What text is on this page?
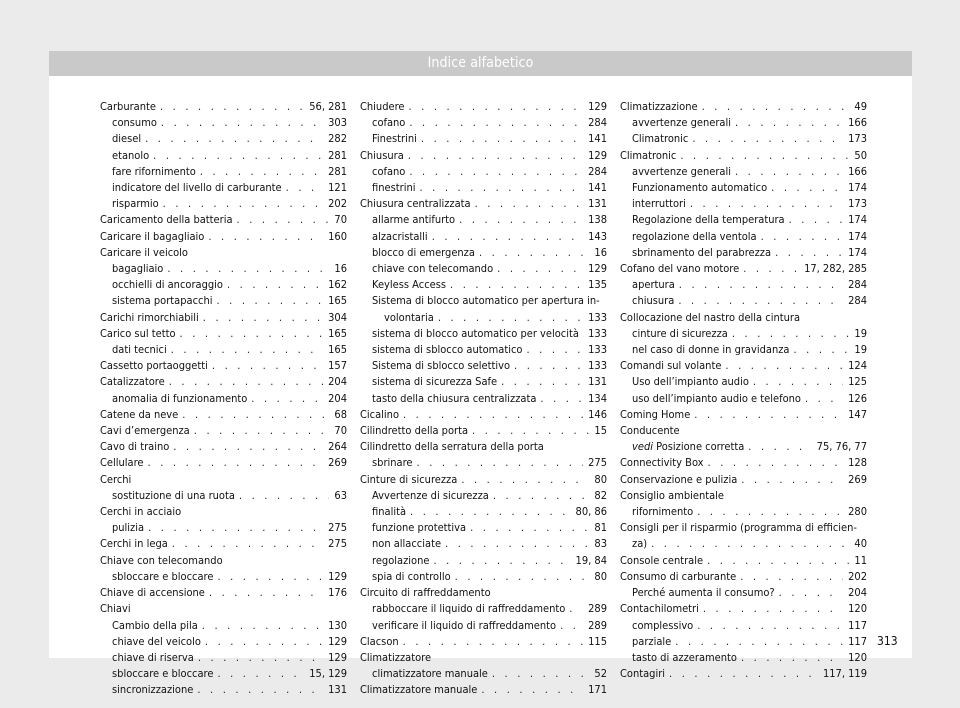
Indice alfabetico
Carburante . . .	56, 281
consumo . . .	303
diesel . . .	282
etanolo . . .	281
fare rifornimento . . .	281
indicatore del livello di carburante . . .	121
risparmio . . .	202
Caricamento della batteria . . .	70
Caricare il bagagliaio . . .	160
Caricare il veicolo
bagagliaio . . .	16
occhielli di ancoraggio . . .	162
sistema portapacchi . . .	165
Carichi rimorchiabili . . .	304
Carico sul tetto . . .	165
dati tecnici . . .	165
Cassetto portaoggetti . . .	157
Catalizzatore . . .	204
anomalia di funzionamento . . .	204
Catene da neve . . .	68
Cavi d’emergenza . . .	70
Cavo di traino . . .	264
Cellulare . . .	269
Cerchi
sostituzione di una ruota . . .	63
Cerchi in acciaio
pulizia . . .	275
Cerchi in lega . . .	275
Chiave con telecomando
sbloccare e bloccare . . .	129
Chiave di accensione . . .	176
Chiavi
Cambio della pila . . .	130
chiave del veicolo . . .	129
chiave di riserva . . .	129
sbloccare e bloccare . . .	15, 129
sincronizzazione . . .	131
Chiudere . . .	129
cofano . . .	284
Finestrini . . .	141
Chiusura . . .	129
cofano . . .	284
finestrini . . .	141
Chiusura centralizzata . . .	131
allarme antifurto . . .	138
alzacristalli . . .	143
blocco di emergenza . . .	16
chiave con telecomando . . .	129
Keyless Access . . .	135
Sistema di blocco automatico per apertura in-
volontaria . . .	133
sistema di blocco automatico per velocità . . . 133
sistema di sblocco automatico . . .	133
Sistema di sblocco selettivo . . .	133
sistema di sicurezza Safe . . .	131
tasto della chiusura centralizzata . . .	134
Cicalino . . .	146
Cilindretto della porta . . .	15
Cilindretto della serratura della porta
sbrinare . . .	275
Cinture di sicurezza . . .	80
Avvertenze di sicurezza . . .	82
finalità . . .	80, 86
funzione protettiva . . .	81
non allacciate . . .	83
regolazione . . .	19, 84
spia di controllo . . .	80
Circuito di raffreddamento
rabboccare il liquido di raffreddamento . . . 289
verificare il liquido di raffreddamento . . .	289
Clacson . . .	115
Climatizzatore
climatizzatore manuale . . .	52
Climatizzatore manuale . . .	171
Climatizzazione . . .	49
avvertenze generali . . .	166
Climatronic . . .	173
Climatronic . . .	50
avvertenze generali . . .	166
Funzionamento automatico . . .	174
interruttori . . .	173
Regolazione della temperatura . . .	174
regolazione della ventola . . .	174
sbrinamento del parabrezza . . .	174
Cofano del vano motore . . .	17, 282, 285
apertura . . .	284
chiusura . . .	284
Collocazione del nastro della cintura
cinture di sicurezza . . .	19
nel caso di donne in gravidanza . . .	19
Comandi sul volante . . .	124
Uso dell’impianto audio . . .	125
uso dell’impianto audio e telefono . . .	126
Coming Home . . .	147
Conducente
vedi Posizione corretta . . .	75, 76, 77
Connectivity Box . . .	128
Conservazione e pulizia . . .	269
Consiglio ambientale
rifornimento . . .	280
Consigli per il risparmio (programma di efficien-
za) . . .	40
Console centrale . . .	11
Consumo di carburante . . .	202
Perché aumenta il consumo? . . .	204
Contachilometri . . .	120
complessivo . . .	117
parziale . . .	117
tasto di azzeramento . . .	120
Contagiri . . .	117, 119
313
